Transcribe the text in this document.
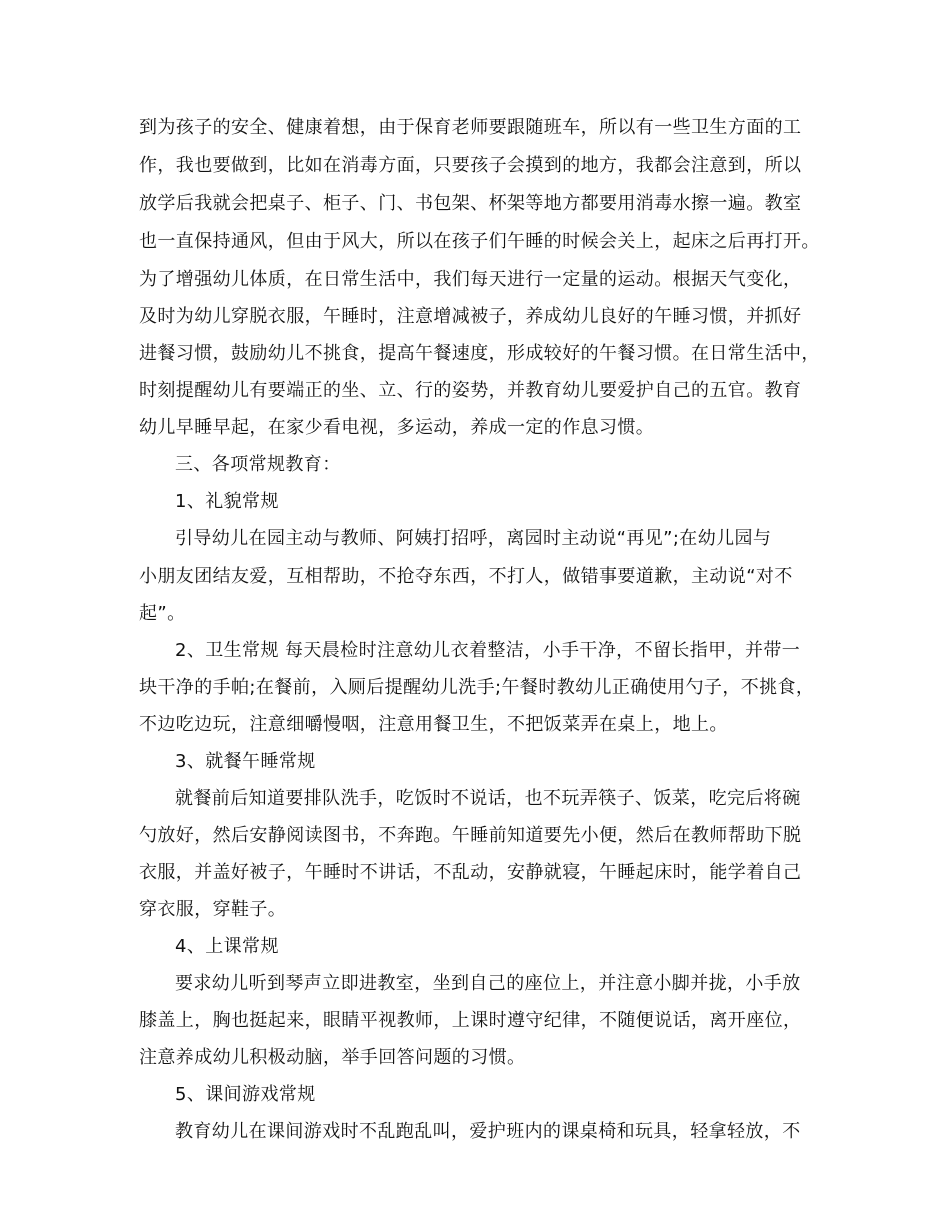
到为孩子的安全、健康着想，由于保育老师要跟随班车，所以有一些卫生方面的工
作，我也要做到，比如在消毒方面，只要孩子会摸到的地方，我都会注意到，所以
放学后我就会把桌子、柜子、门、书包架、杯架等地方都要用消毒水擦一遍。教室
也一直保持通风，但由于风大，所以在孩子们午睡的时候会关上，起床之后再打开。
为了增强幼儿体质，在日常生活中，我们每天进行一定量的运动。根据天气变化，
及时为幼儿穿脱衣服，午睡时，注意增减被子，养成幼儿良好的午睡习惯，并抓好
进餐习惯，鼓励幼儿不挑食，提高午餐速度，形成较好的午餐习惯。在日常生活中，
时刻提醒幼儿有要端正的坐、立、行的姿势，并教育幼儿要爱护自己的五官。教育
幼儿早睡早起，在家少看电视，多运动，养成一定的作息习惯。
三、各项常规教育：
1、礼貌常规
引导幼儿在园主动与教师、阿姨打招呼，离园时主动说“再见”;在幼儿园与
小朋友团结友爱，互相帮助，不抢夺东西，不打人，做错事要道歉，主动说“对不
起”。
2、卫生常规 每天晨检时注意幼儿衣着整洁，小手干净，不留长指甲，并带一
块干净的手帕;在餐前，入厕后提醒幼儿洗手;午餐时教幼儿正确使用勺子，不挑食，
不边吃边玩，注意细嚼慢咽，注意用餐卫生，不把饭菜弄在桌上，地上。
3、就餐午睡常规
就餐前后知道要排队洗手，吃饭时不说话，也不玩弄筷子、饭菜，吃完后将碗
勺放好，然后安静阅读图书，不奔跑。午睡前知道要先小便，然后在教师帮助下脱
衣服，并盖好被子，午睡时不讲话，不乱动，安静就寝，午睡起床时，能学着自己
穿衣服，穿鞋子。
4、上课常规
要求幼儿听到琴声立即进教室，坐到自己的座位上，并注意小脚并拢，小手放
膝盖上，胸也挺起来，眼睛平视教师，上课时遵守纪律，不随便说话，离开座位，
注意养成幼儿积极动脑，举手回答问题的习惯。
5、课间游戏常规
教育幼儿在课间游戏时不乱跑乱叫，爱护班内的课桌椅和玩具，轻拿轻放，不
